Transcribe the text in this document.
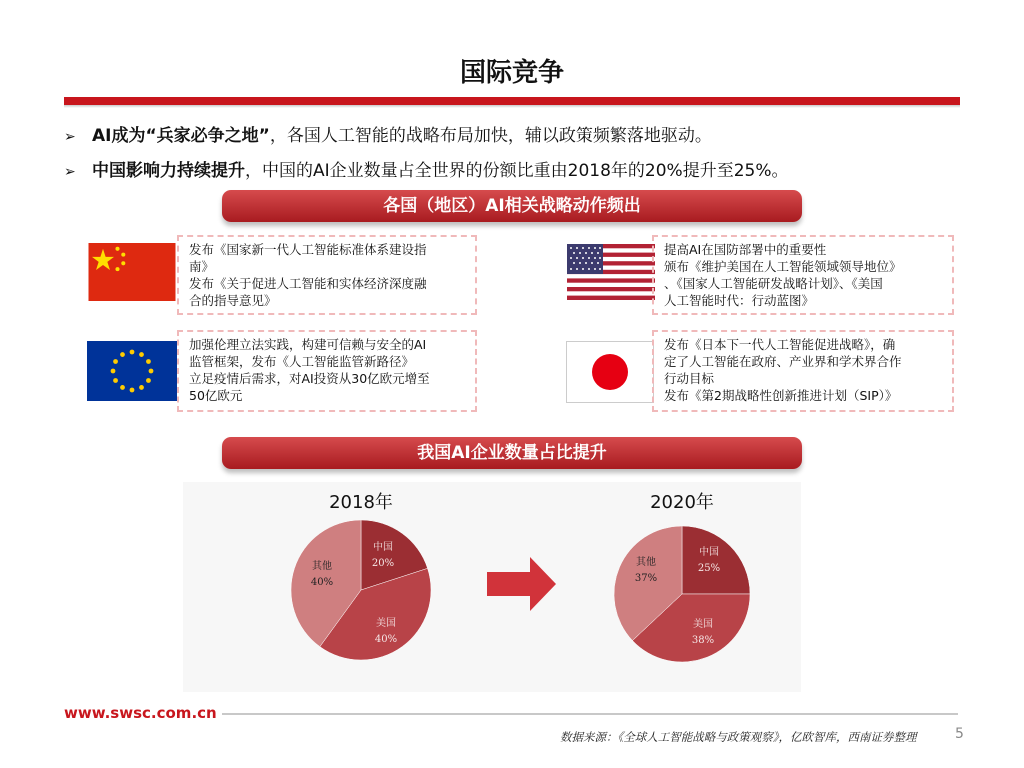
国际竞争
➢ AI成为“兵家必争之地”，各国人工智能的战略布局加快，辅以政策频繁落地驱动。
➢ 中国影响力持续提升，中国的AI企业数量占全世界的份额比重由2018年的20%提升至25%。
各国（地区）AI相关战略动作频出
发布《国家新一代人工智能标准体系建设指
南》
发布《关于促进人工智能和实体经济深度融
合的指导意见》
提高AI在国防部署中的重要性
颁布《维护美国在人工智能领域领导地位》
、《国家人工智能研发战略计划》、《美国
人工智能时代：行动蓝图》
加强伦理立法实践，构建可信赖与安全的AI
监管框架，发布《人工智能监管新路径》
立足疫情后需求，对AI投资从30亿欧元增至
50亿欧元
发布《日本下一代人工智能促进战略》，确
定了人工智能在政府、产业界和学术界合作
行动目标
发布《第2期战略性创新推进计划（SIP）》
我国AI企业数量占比提升
2018年	2020年
中国
20%
美国
40%
其他
40%
中国
25%
美国
38%
其他
37%
www.swsc.com.cn
数据来源：《全球人工智能战略与政策观察》，亿欧智库，西南证券整理	5
